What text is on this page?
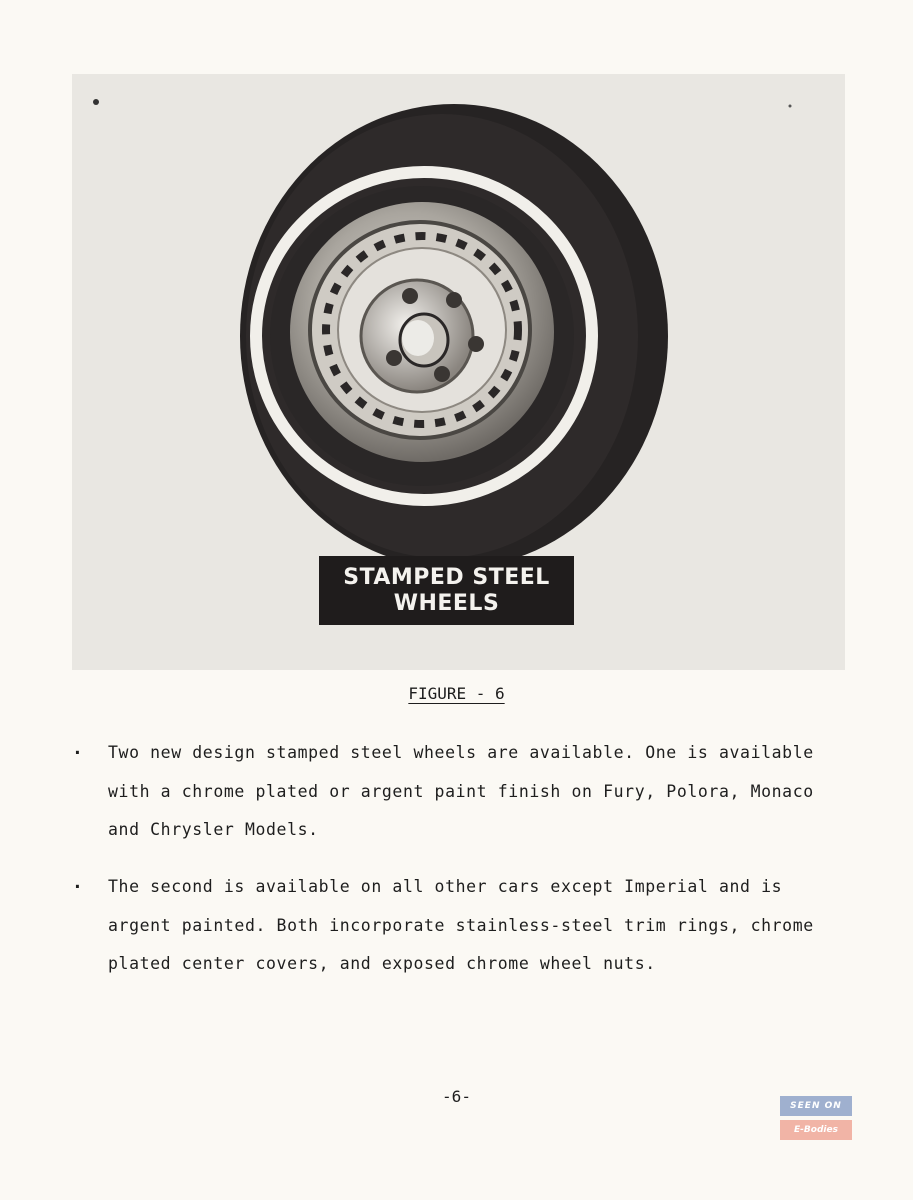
STAMPED STEEL
WHEELS
FIGURE - 6
. Two new design stamped steel wheels are available. One is available with a chrome plated or argent paint finish on Fury, Polora, Monaco and Chrysler Models.
. The second is available on all other cars except Imperial and is argent painted. Both incorporate stainless-steel trim rings, chrome plated center covers, and exposed chrome wheel nuts.
-6-	SEEN ON
E-Bodies
